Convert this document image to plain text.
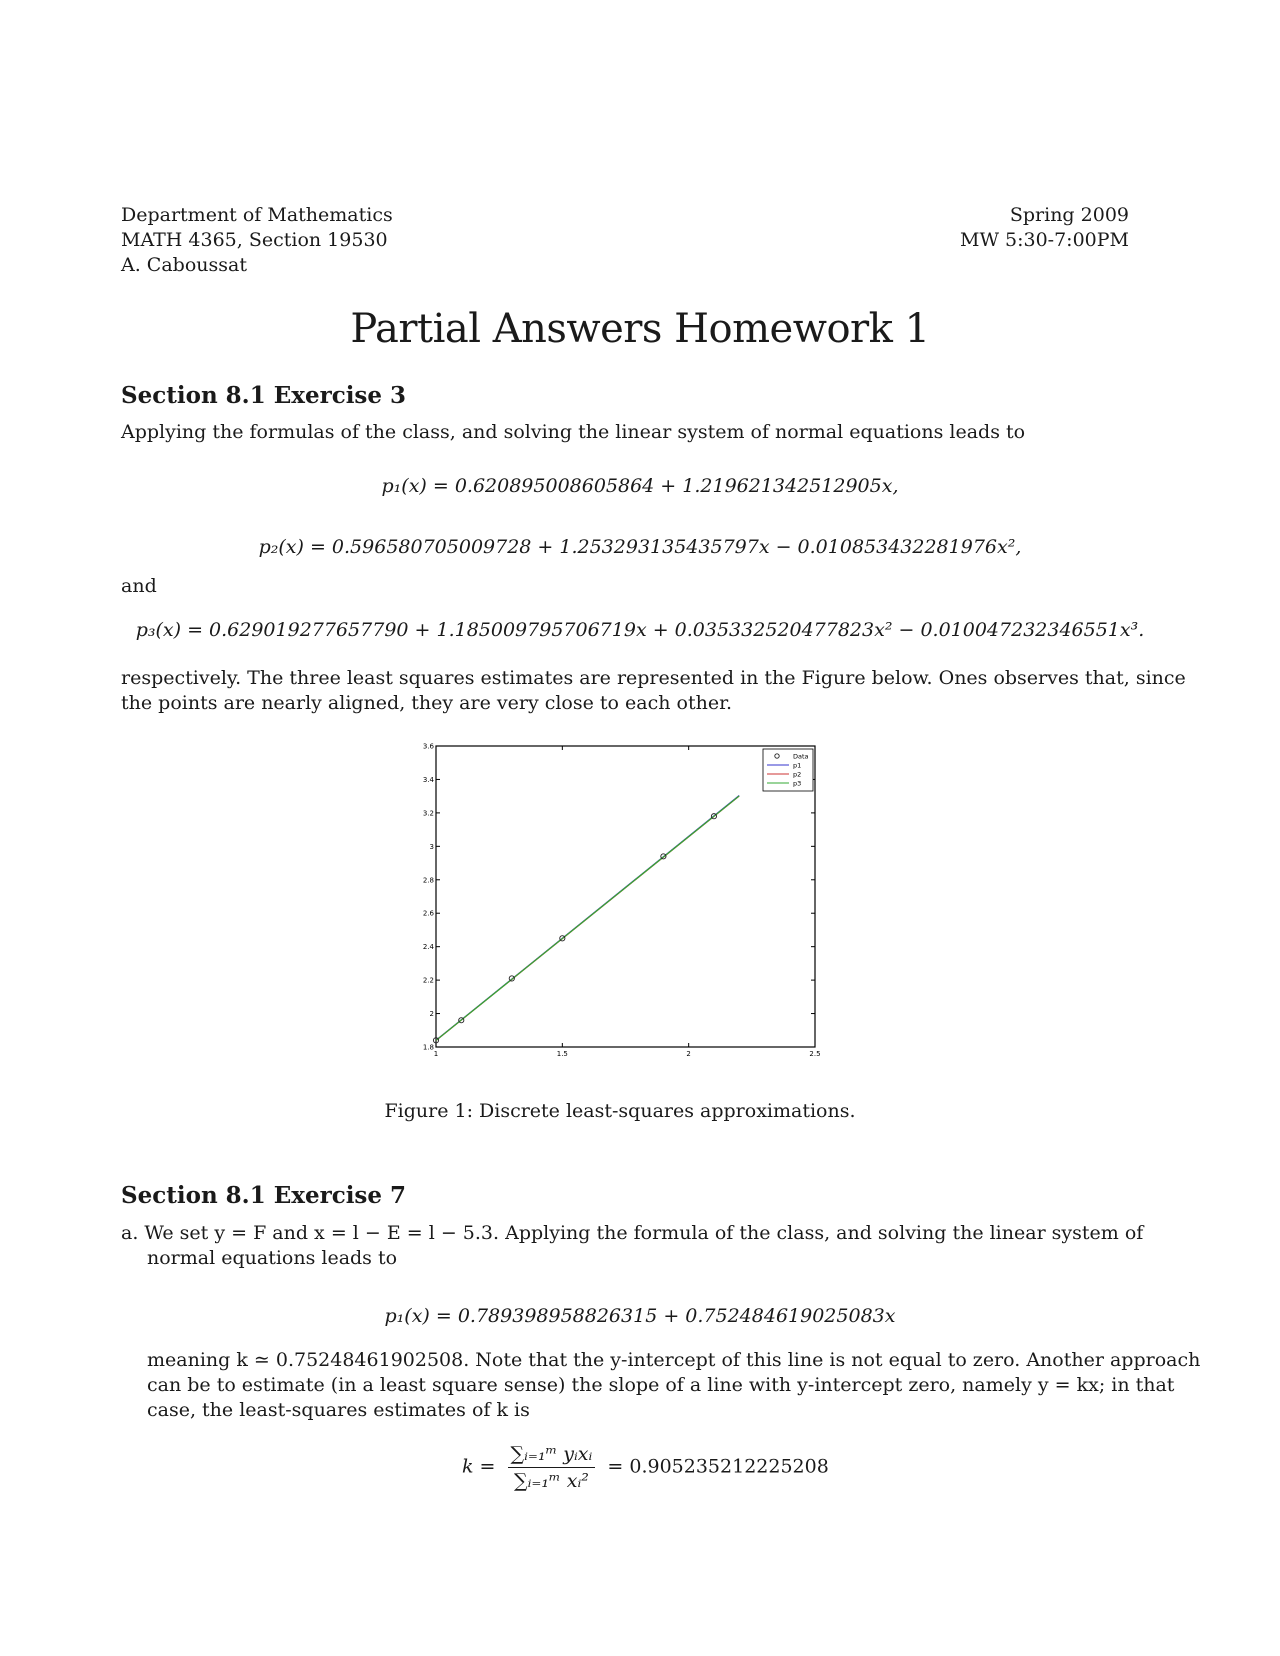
Department of Mathematics
MATH 4365, Section 19530
A. Caboussat
Spring 2009
MW 5:30-7:00PM
Partial Answers Homework 1
Section 8.1 Exercise 3
Applying the formulas of the class, and solving the linear system of normal equations leads to
p₁(x) = 0.620895008605864 + 1.219621342512905x,
p₂(x) = 0.596580705009728 + 1.253293135435797x − 0.010853432281976x²,
and
p₃(x) = 0.629019277657790 + 1.185009795706719x + 0.035332520477823x² − 0.010047232346551x³.
respectively. The three least squares estimates are represented in the Figure below. Ones observes that, since
the points are nearly aligned, they are very close to each other.
1	1.5	2	2.5
1.8
2
2.2
2.4
2.6
2.8
3
3.2
3.4
3.6
Data
p1
p2
p3
Figure 1: Discrete least-squares approximations.
Section 8.1 Exercise 7
a. We set y = F and x = l − E = l − 5.3. Applying the formula of the class, and solving the linear system of
normal equations leads to
p₁(x) = 0.789398958826315 + 0.752484619025083x
meaning k ≃ 0.75248461902508. Note that the y-intercept of this line is not equal to zero. Another approach
can be to estimate (in a least square sense) the slope of a line with y-intercept zero, namely y = kx; in that
case, the least-squares estimates of k is
$k = \frac{\text{∑ᵢ₌₁ᵐ yᵢxᵢ}}{\text{∑ᵢ₌₁ᵐ xᵢ²}} = 0.905235212225208$
